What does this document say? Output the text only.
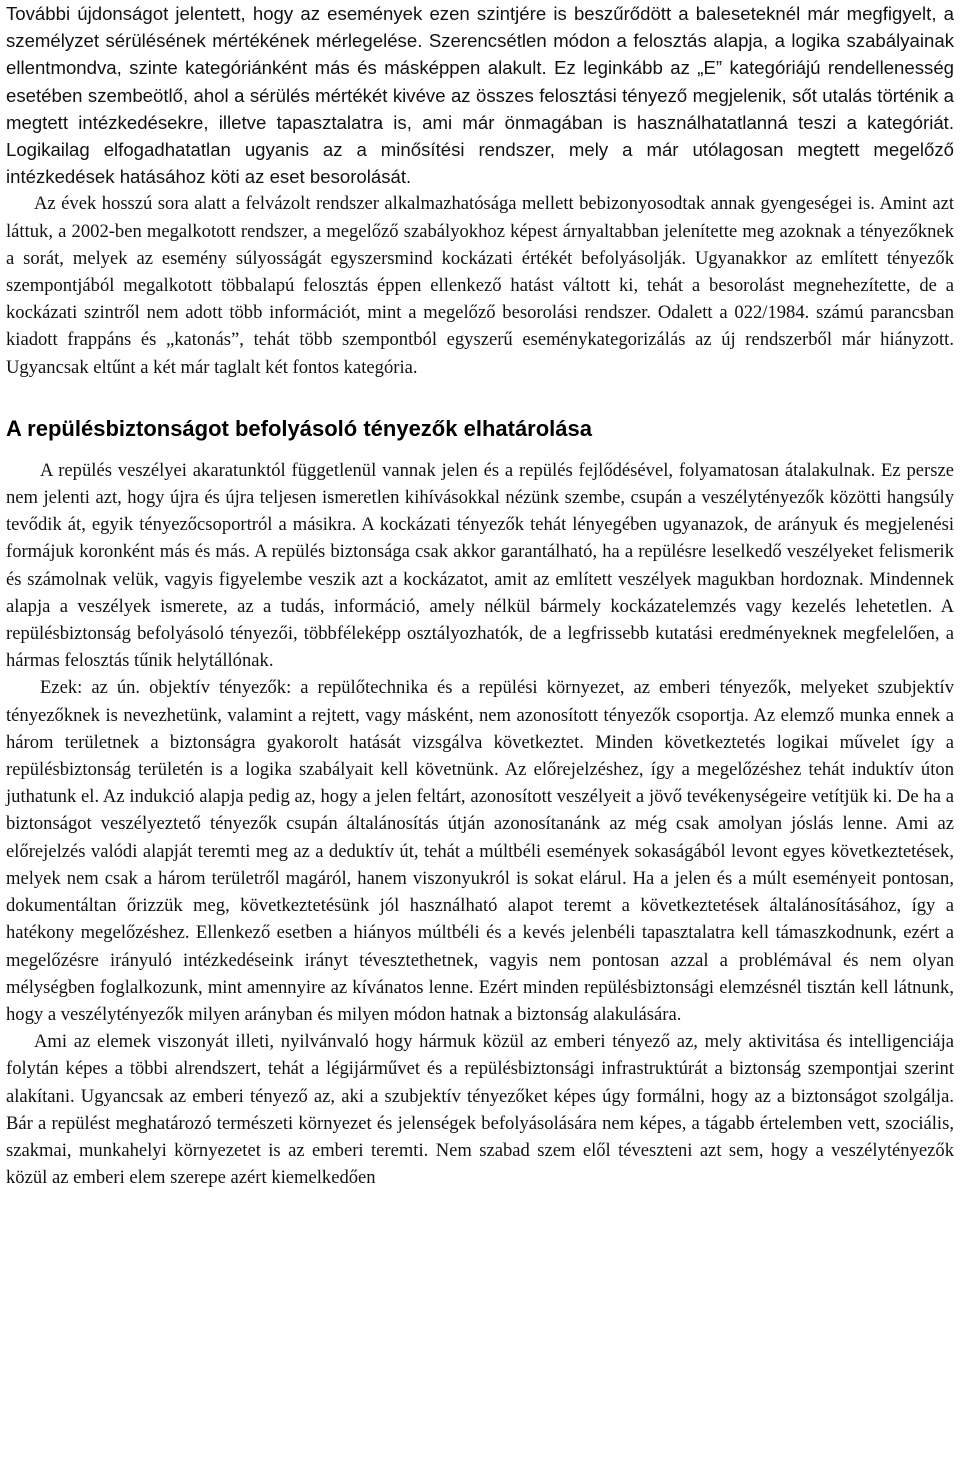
További újdonságot jelentett, hogy az események ezen szintjére is beszűrődött a baleseteknél már megfigyelt, a személyzet sérülésének mértékének mérlegelése. Szerencsétlen módon a felosztás alapja, a logika szabályainak ellentmondva, szinte kategóriánként más és másképpen alakult. Ez leginkább az „E” kategóriájú rendellenesség esetében szembeötlő, ahol a sérülés mértékét kivéve az összes felosztási tényező megjelenik, sőt utalás történik a megtett intézkedésekre, illetve tapasztalatra is, ami már önmagában is használhatatlanná teszi a kategóriát. Logikailag elfogadhatatlan ugyanis az a minősítési rendszer, mely a már utólagosan megtett megelőző intézkedések hatásához köti az eset besorolását.

Az évek hosszú sora alatt a felvázolt rendszer alkalmazhatósága mellett bebizonyosodtak annak gyengeségei is. Amint azt láttuk, a 2002-ben megalkotott rendszer, a megelőző szabályokhoz képest árnyaltabban jelenítette meg azoknak a tényezőknek a sorát, melyek az esemény súlyosságát egyszersmind kockázati értékét befolyásolják. Ugyanakkor az említett tényezők szempontjából megalkotott többalapú felosztás éppen ellenkező hatást váltott ki, tehát a besorolást megnehezítette, de a kockázati szintről nem adott több információt, mint a megelőző besorolási rendszer. Odalett a 022/1984. számú parancsban kiadott frappáns és „katonás”, tehát több szempontból egyszerű eseménykategorizálás az új rendszerből már hiányzott. Ugyancsak eltűnt a két már taglalt két fontos kategória.

A repülésbiztonságot befolyásoló tényezők elhatárolása

A repülés veszélyei akaratunktól függetlenül vannak jelen és a repülés fejlődésével, folyamatosan átalakulnak. Ez persze nem jelenti azt, hogy újra és újra teljesen ismeretlen kihívásokkal nézünk szembe, csupán a veszélytényezők közötti hangsúly tevődik át, egyik tényezőcsoportról a másikra. A kockázati tényezők tehát lényegében ugyanazok, de arányuk és megjelenési formájuk koronként más és más. A repülés biztonsága csak akkor garantálható, ha a repülésre leselkedő veszélyeket felismerik és számolnak velük, vagyis figyelembe veszik azt a kockázatot, amit az említett veszélyek magukban hordoznak. Mindennek alapja a veszélyek ismerete, az a tudás, információ, amely nélkül bármely kockázatelemzés vagy kezelés lehetetlen. A repülésbiztonság befolyásoló tényezői, többféleképp osztályozhatók, de a legfrissebb kutatási eredményeknek megfelelően, a hármas felosztás tűnik helytállónak.

Ezek: az ún. objektív tényezők: a repülőtechnika és a repülési környezet, az emberi tényezők, melyeket szubjektív tényezőknek is nevezhetünk, valamint a rejtett, vagy másként, nem azonosított tényezők csoportja. Az elemző munka ennek a három területnek a biztonságra gyakorolt hatását vizsgálva következtet. Minden következtetés logikai művelet így a repülésbiztonság területén is a logika szabályait kell követnünk. Az előrejelzéshez, így a megelőzéshez tehát induktív úton juthatunk el. Az indukció alapja pedig az, hogy a jelen feltárt, azonosított veszélyeit a jövő tevékenységeire vetítjük ki. De ha a biztonságot veszélyeztető tényezők csupán általánosítás útján azonosítanánk az még csak amolyan jóslás lenne. Ami az előrejelzés valódi alapját teremti meg az a deduktív út, tehát a múltbéli események sokaságából levont egyes következtetések, melyek nem csak a három területről magáról, hanem viszonyukról is sokat elárul. Ha a jelen és a múlt eseményeit pontosan, dokumentáltan őrizzük meg, következtetésünk jól használható alapot teremt a következtetések általánosításához, így a hatékony megelőzéshez. Ellenkező esetben a hiányos múltbéli és a kevés jelenbéli tapasztalatra kell támaszkodnunk, ezért a megelőzésre irányuló intézkedéseink irányt tévesztethetnek, vagyis nem pontosan azzal a problémával és nem olyan mélységben foglalkozunk, mint amennyire az kívánatos lenne. Ezért minden repülésbiztonsági elemzésnél tisztán kell látnunk, hogy a veszélytényezők milyen arányban és milyen módon hatnak a biztonság alakulására.

Ami az elemek viszonyát illeti, nyilvánvaló hogy hármuk közül az emberi tényező az, mely aktivitása és intelligenciája folytán képes a többi alrendszert, tehát a légijárművet és a repülésbiztonsági infrastruktúrát a biztonság szempontjai szerint alakítani. Ugyancsak az emberi tényező az, aki a szubjektív tényezőket képes úgy formálni, hogy az a biztonságot szolgálja. Bár a repülést meghatározó természeti környezet és jelenségek befolyásolására nem képes, a tágabb értelemben vett, szociális, szakmai, munkahelyi környezetet is az emberi teremti. Nem szabad szem elől téveszteni azt sem, hogy a veszélytényezők közül az emberi elem szerepe azért kiemelkedően
